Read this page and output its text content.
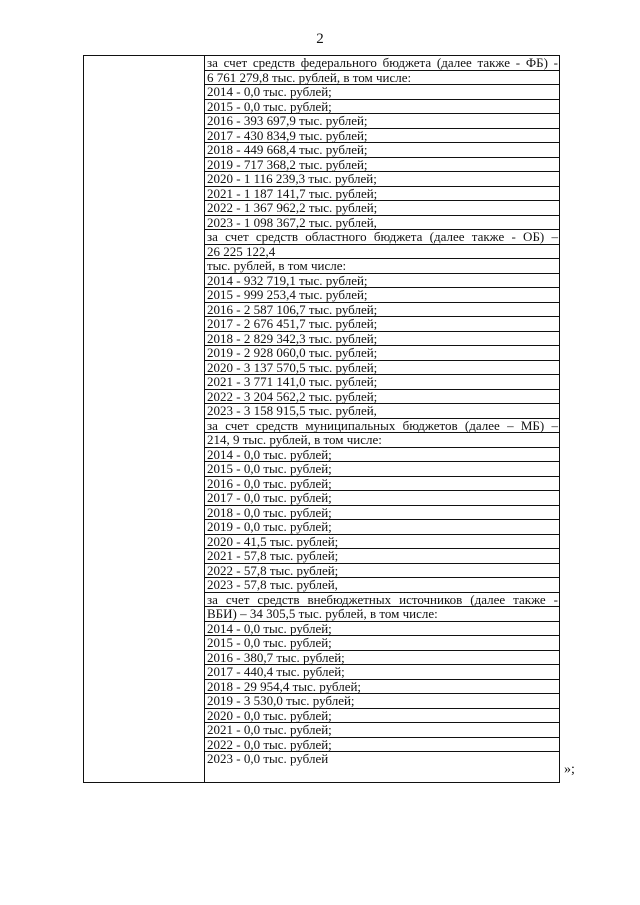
2
за счет средств федерального бюджета (далее также - ФБ) -
6 761 279,8 тыс. рублей, в том числе:
2014 - 0,0 тыс. рублей;
2015 - 0,0 тыс. рублей;
2016 - 393 697,9 тыс. рублей;
2017 - 430 834,9 тыс. рублей;
2018 - 449 668,4 тыс. рублей;
2019 - 717 368,2 тыс. рублей;
2020 - 1 116 239,3 тыс. рублей;
2021 - 1 187 141,7 тыс. рублей;
2022 - 1 367 962,2 тыс. рублей;
2023 - 1 098 367,2 тыс. рублей,
за счет средств областного бюджета (далее также - ОБ) –
26 225 122,4
тыс. рублей, в том числе:
2014 - 932 719,1 тыс. рублей;
2015 - 999 253,4 тыс. рублей;
2016 - 2 587 106,7 тыс. рублей;
2017 - 2 676 451,7 тыс. рублей;
2018 - 2 829 342,3 тыс. рублей;
2019 - 2 928 060,0 тыс. рублей;
2020 - 3 137 570,5 тыс. рублей;
2021 - 3 771 141,0 тыс. рублей;
2022 - 3 204 562,2 тыс. рублей;
2023 - 3 158 915,5 тыс. рублей,
за счет средств муниципальных бюджетов (далее – МБ) –
214, 9 тыс. рублей, в том числе:
2014 - 0,0 тыс. рублей;
2015 - 0,0 тыс. рублей;
2016 - 0,0 тыс. рублей;
2017 - 0,0 тыс. рублей;
2018 - 0,0 тыс. рублей;
2019 - 0,0 тыс. рублей;
2020 - 41,5 тыс. рублей;
2021 - 57,8 тыс. рублей;
2022 - 57,8 тыс. рублей;
2023 - 57,8 тыс. рублей,
за счет средств внебюджетных источников (далее также -
ВБИ) – 34 305,5 тыс. рублей, в том числе:
2014 - 0,0 тыс. рублей;
2015 - 0,0 тыс. рублей;
2016 - 380,7 тыс. рублей;
2017 - 440,4 тыс. рублей;
2018 - 29 954,4 тыс. рублей;
2019 - 3 530,0 тыс. рублей;
2020 - 0,0 тыс. рублей;
2021 - 0,0 тыс. рублей;
2022 - 0,0 тыс. рублей;
2023 - 0,0 тыс. рублей
»;
